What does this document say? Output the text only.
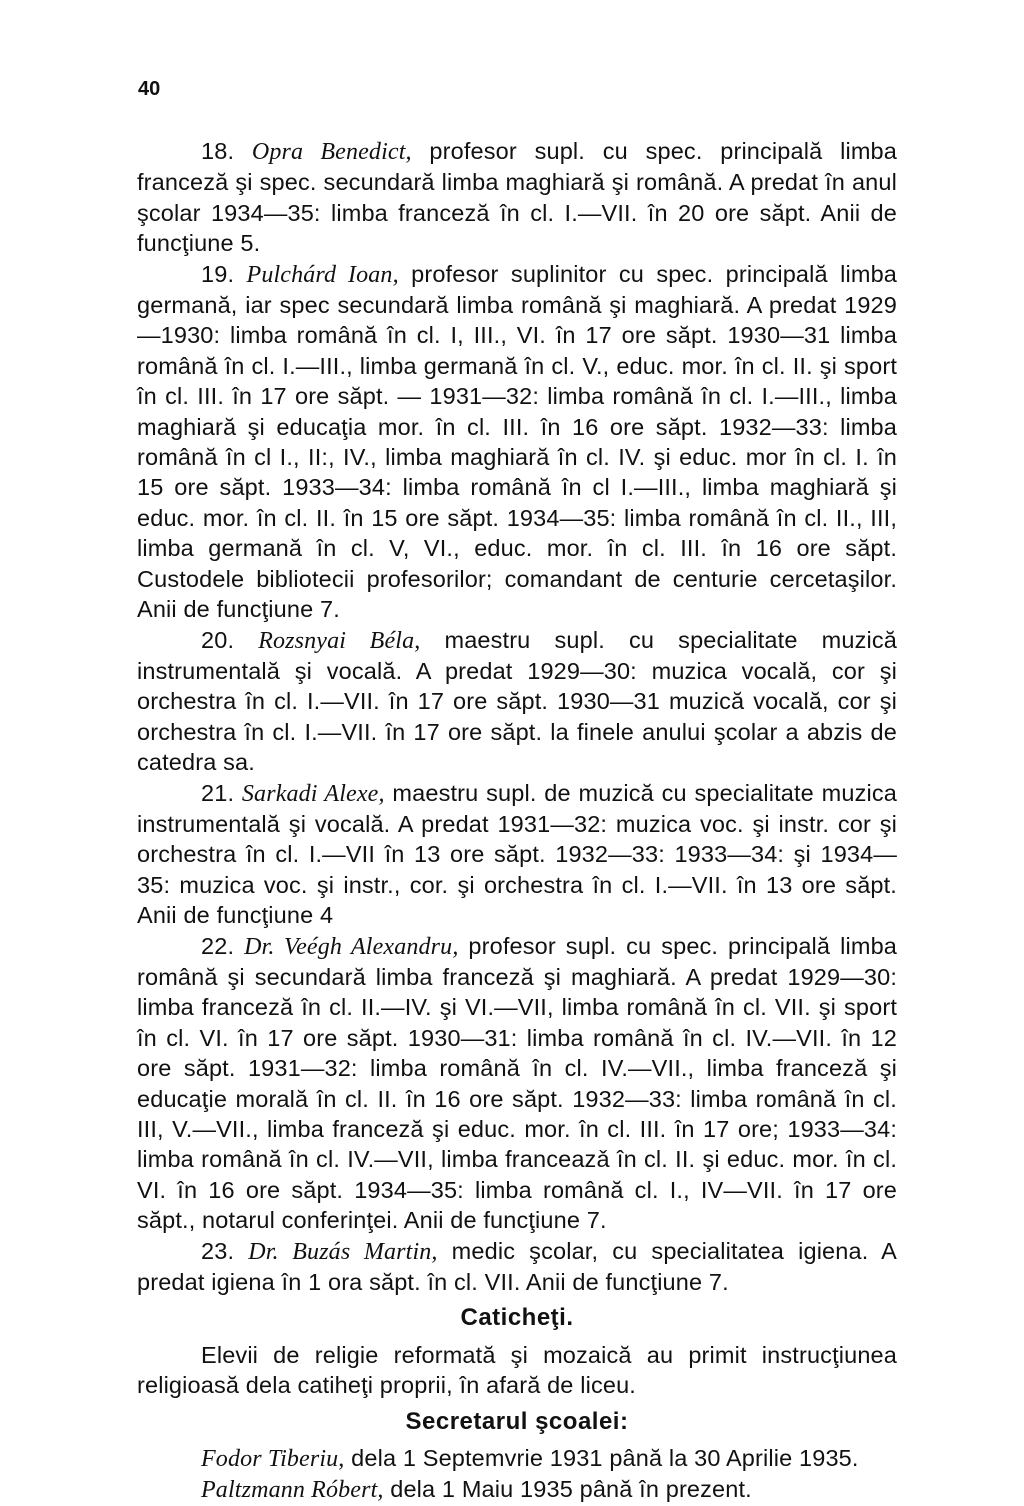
40

18. Opra Benedict, profesor supl. cu spec. principală limba franceză şi spec. secundară limba maghiară şi română. A predat în anul şcolar 1934—35: limba franceză în cl. I.—VII. în 20 ore săpt. Anii de funcţiune 5.

19. Pulchárd Ioan, profesor suplinitor cu spec. principală limba germană, iar spec secundară limba română şi maghiară. A predat 1929—1930: limba română în cl. I, III., VI. în 17 ore săpt. 1930—31 limba română în cl. I.—III., limba germană în cl. V., educ. mor. în cl. II. şi sport în cl. III. în 17 ore săpt. — 1931—32: limba română în cl. I.—III., limba maghiară şi educaţia mor. în cl. III. în 16 ore săpt. 1932—33: limba română în cl I., II:, IV., limba maghiară în cl. IV. şi educ. mor în cl. I. în 15 ore săpt. 1933—34: limba română în cl I.—III., limba maghiară şi educ. mor. în cl. II. în 15 ore săpt. 1934—35: limba română în cl. II., III, limba germană în cl. V, VI., educ. mor. în cl. III. în 16 ore săpt. Custodele bibliotecii profesorilor; comandant de centurie cercetaşilor. Anii de funcţiune 7.

20. Rozsnyai Béla, maestru supl. cu specialitate muzică instrumentală şi vocală. A predat 1929—30: muzica vocală, cor şi orchestra în cl. I.—VII. în 17 ore săpt. 1930—31 muzică vocală, cor şi orchestra în cl. I.—VII. în 17 ore săpt. la finele anului şcolar a abzis de catedra sa.

21. Sarkadi Alexe, maestru supl. de muzică cu specialitate muzica instrumentală şi vocală. A predat 1931—32: muzica voc. şi instr. cor şi orchestra în cl. I.—VII în 13 ore săpt. 1932—33: 1933—34: şi 1934—35: muzica voc. şi instr., cor. şi orchestra în cl. I.—VII. în 13 ore săpt. Anii de funcţiune 4

22. Dr. Veégh Alexandru, profesor supl. cu spec. principală limba română şi secundară limba franceză şi maghiară. A predat 1929—30: limba franceză în cl. II.—IV. şi VI.—VII, limba română în cl. VII. şi sport în cl. VI. în 17 ore săpt. 1930—31: limba română în cl. IV.—VII. în 12 ore săpt. 1931—32: limba română în cl. IV.—VII., limba franceză şi educaţie morală în cl. II. în 16 ore săpt. 1932—33: limba română în cl. III, V.—VII., limba franceză şi educ. mor. în cl. III. în 17 ore; 1933—34: limba română în cl. IV.—VII, limba franceazǎ în cl. II. şi educ. mor. în cl. VI. în 16 ore săpt. 1934—35: limba română cl. I., IV—VII. în 17 ore săpt., notarul conferinţei. Anii de funcţiune 7.

23. Dr. Buzás Martin, medic şcolar, cu specialitatea igiena. A predat igiena în 1 ora săpt. în cl. VII. Anii de funcţiune 7.

Caticheţi.

Elevii de religie reformată şi mozaică au primit instrucţiunea religioasă dela catiheţi proprii, în afară de liceu.

Secretarul şcoalei:

Fodor Tiberiu, dela 1 Septemvrie 1931 până la 30 Aprilie 1935.

Paltzmann Róbert, dela 1 Maiu 1935 până în prezent.
